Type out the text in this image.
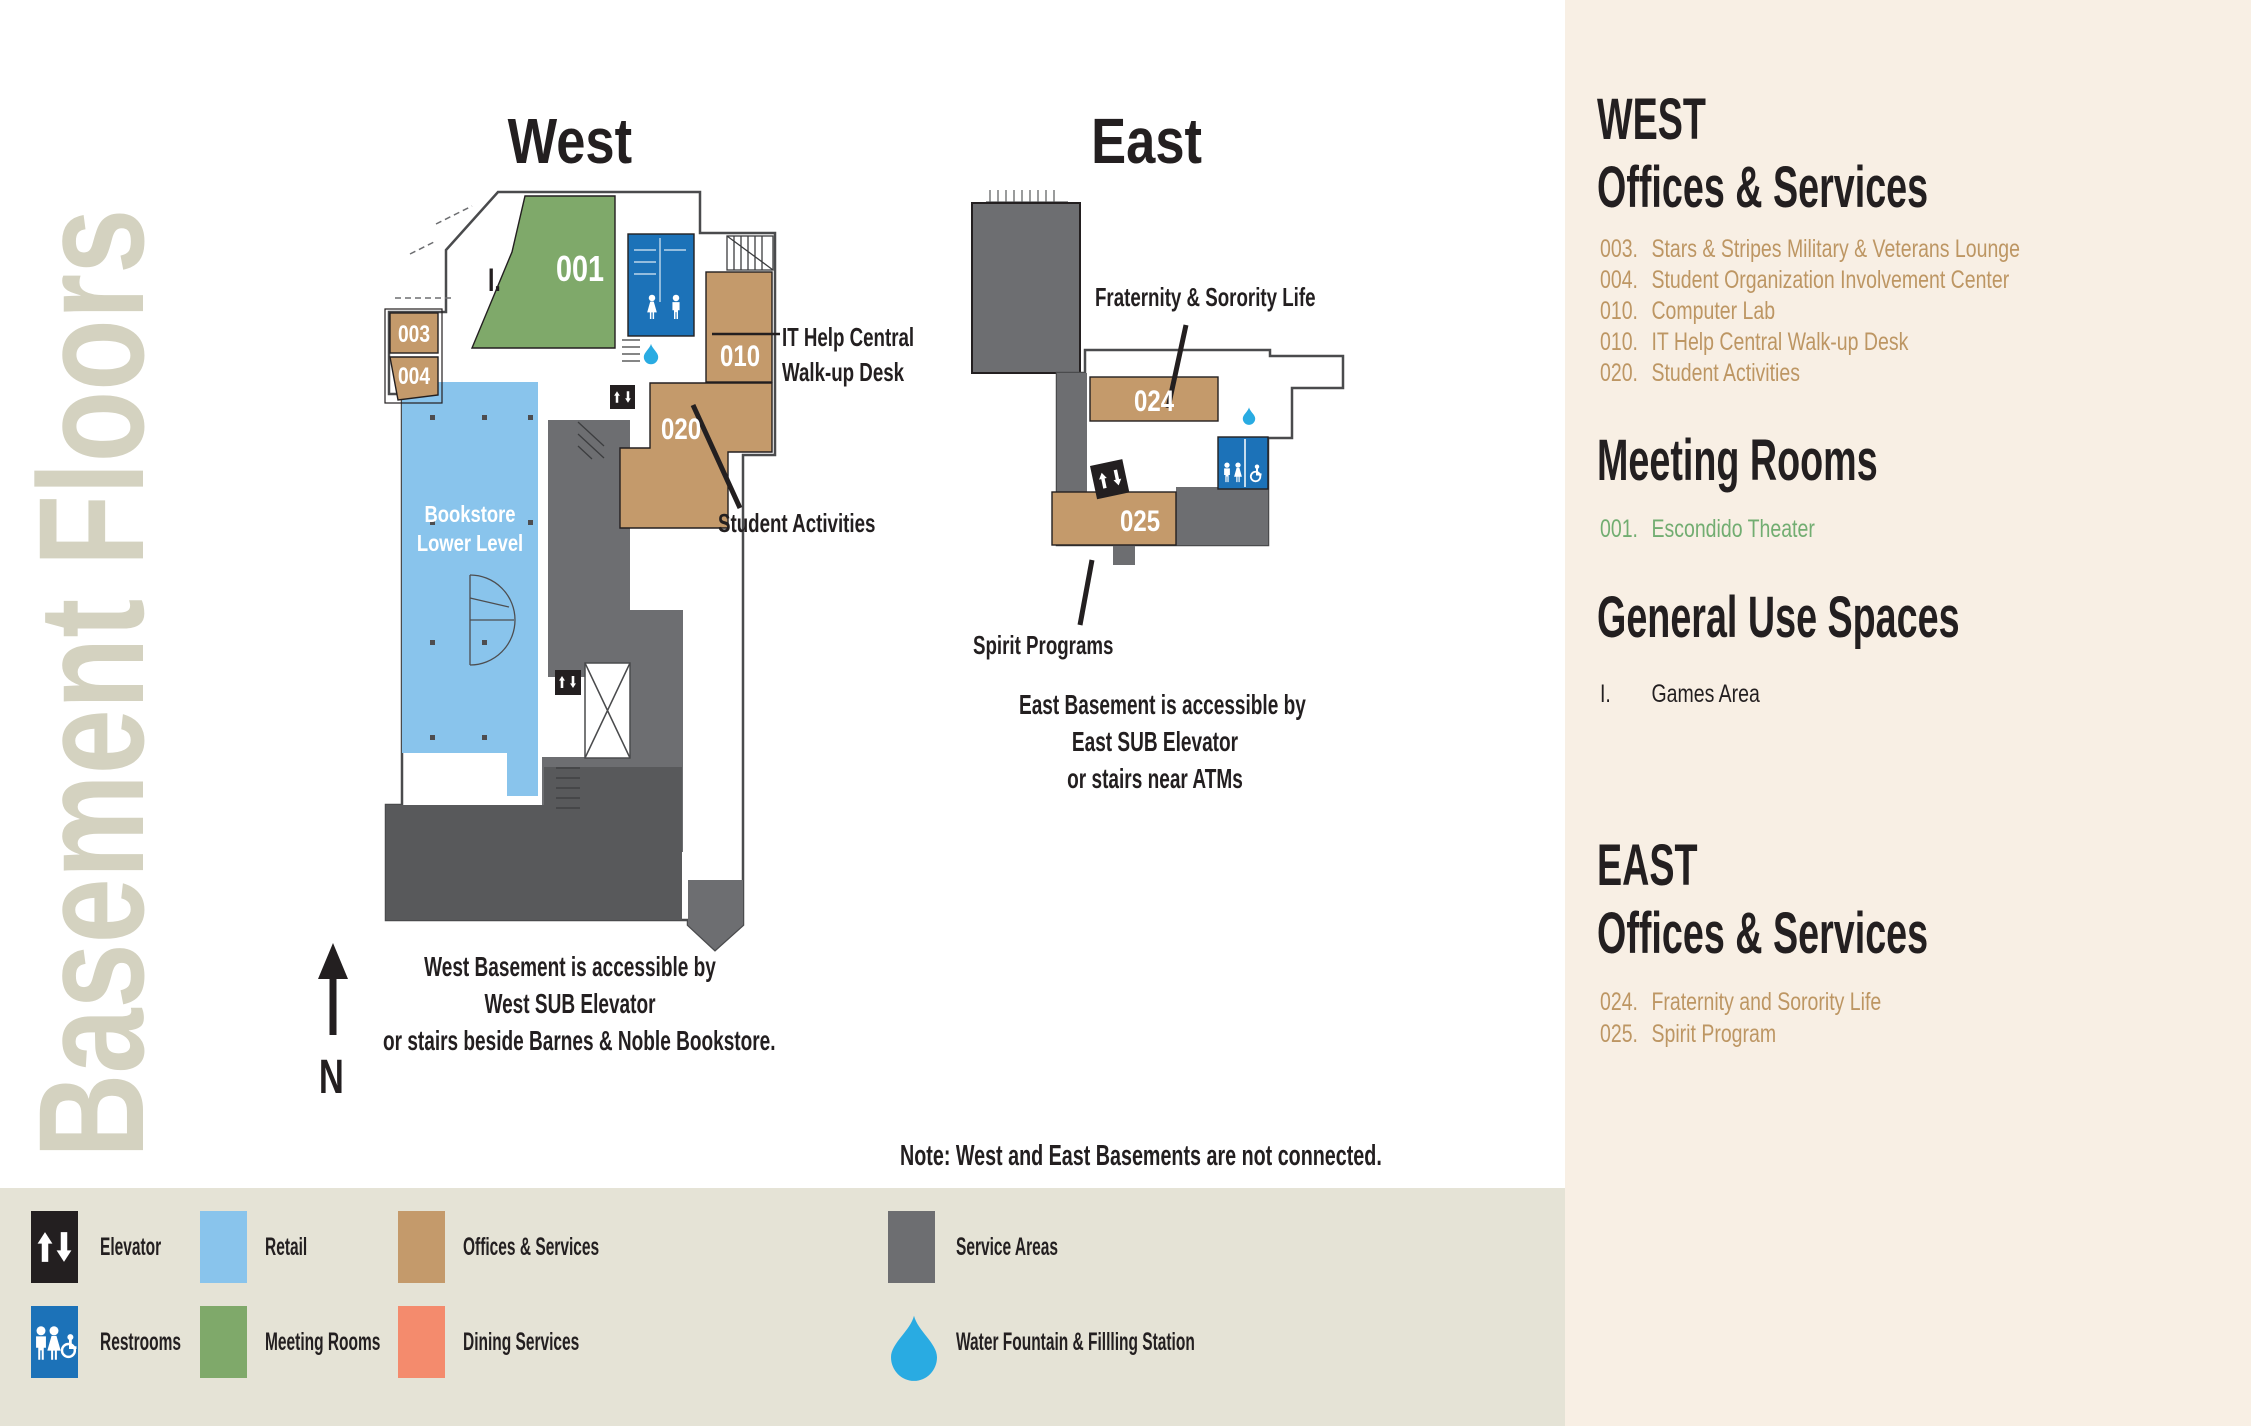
Basement Floors
West	East
001
003
004
010
020
024
025
I.
Bookstore
Lower Level
IT Help Central
Walk-up Desk
Student Activities
Fraternity & Sorority Life
Spirit Programs
West Basement is accessible by
West SUB Elevator
or stairs beside Barnes & Noble Bookstore.
East Basement is accessible by
East SUB Elevator
or stairs near ATMs
N
Note: West and East Basements are not connected.
Elevator	Retail	Offices & Services	Service Areas
Restrooms	Meeting Rooms	Dining Services	Water Fountain & Fillling Station
WEST
Offices & Services
003. Stars & Stripes Military & Veterans Lounge
004. Student Organization Involvement Center
010. Computer Lab
010. IT Help Central Walk-up Desk
020. Student Activities
Meeting Rooms
001. Escondido Theater
General Use Spaces
I. Games Area
EAST
Offices & Services
024. Fraternity and Sorority Life
025. Spirit Program
